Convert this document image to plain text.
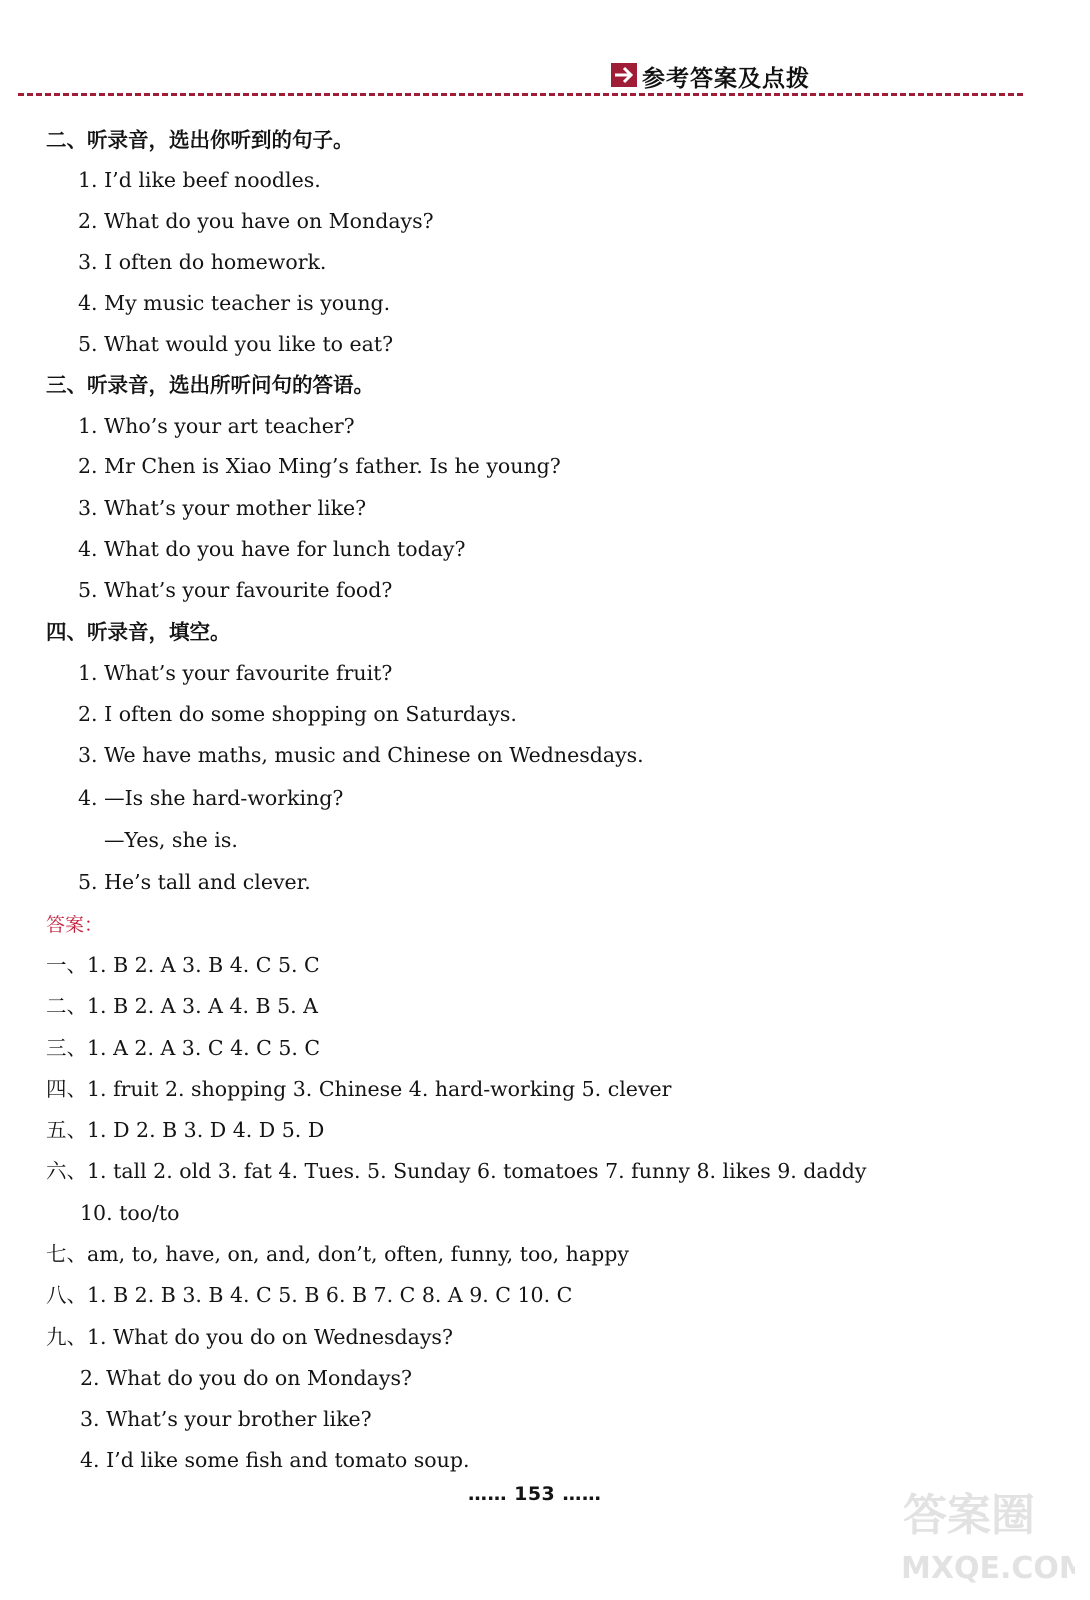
参考答案及点拨
二、听录音，选出你听到的句子。
1. I’d like beef noodles.
2. What do you have on Mondays?
3. I often do homework.
4. My music teacher is young.
5. What would you like to eat?
三、听录音，选出所听问句的答语。
1. Who’s your art teacher?
2. Mr Chen is Xiao Ming’s father. Is he young?
3. What’s your mother like?
4. What do you have for lunch today?
5. What’s your favourite food?
四、听录音，填空。
1. What’s your favourite fruit?
2. I often do some shopping on Saturdays.
3. We have maths, music and Chinese on Wednesdays.
4. —Is she hard-working?
—Yes, she is.
5. He’s tall and clever.
答案：
一、1. B 2. A 3. B 4. C 5. C
二、1. B 2. A 3. A 4. B 5. A
三、1. A 2. A 3. C 4. C 5. C
四、1. fruit 2. shopping 3. Chinese 4. hard-working 5. clever
五、1. D 2. B 3. D 4. D 5. D
六、1. tall 2. old 3. fat 4. Tues. 5. Sunday 6. tomatoes 7. funny 8. likes 9. daddy
10. too/to
七、am, to, have, on, and, don’t, often, funny, too, happy
八、1. B 2. B 3. B 4. C 5. B 6. B 7. C 8. A 9. C 10. C
九、1. What do you do on Wednesdays?
2. What do you do on Mondays?
3. What’s your brother like?
4. I’d like some fish and tomato soup.
…… 153 ……	答案圈
MXQE.COM
